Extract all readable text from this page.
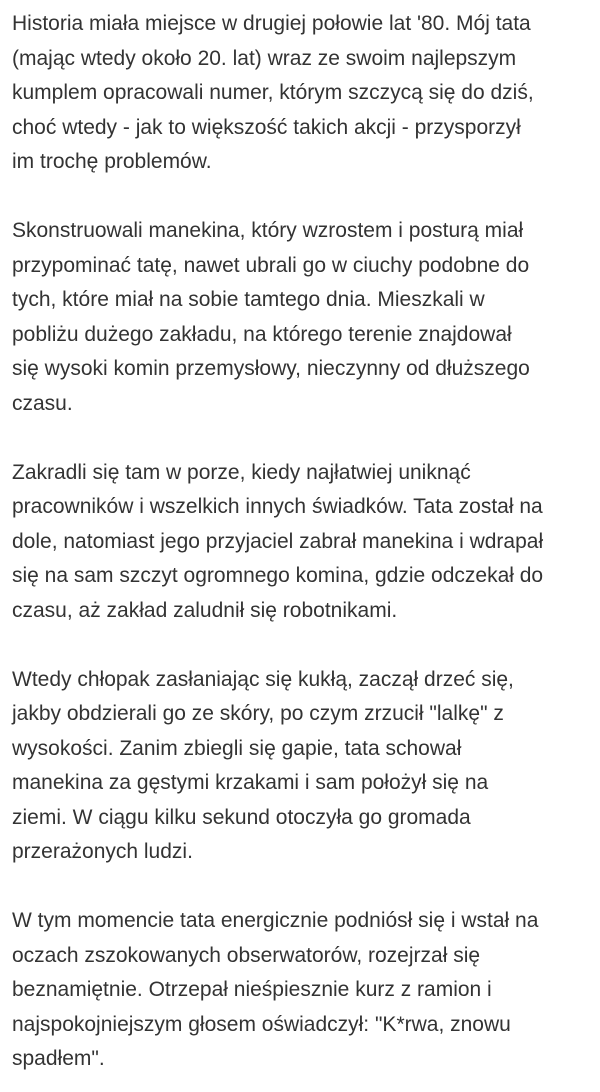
Historia miała miejsce w drugiej połowie lat '80. Mój tata
(mając wtedy około 20. lat) wraz ze swoim najlepszym
kumplem opracowali numer, którym szczycą się do dziś,
choć wtedy - jak to większość takich akcji - przysporzył
im trochę problemów.

Skonstruowali manekina, który wzrostem i posturą miał
przypominać tatę, nawet ubrali go w ciuchy podobne do
tych, które miał na sobie tamtego dnia. Mieszkali w
pobliżu dużego zakładu, na którego terenie znajdował
się wysoki komin przemysłowy, nieczynny od dłuższego
czasu.

Zakradli się tam w porze, kiedy najłatwiej uniknąć
pracowników i wszelkich innych świadków. Tata został na
dole, natomiast jego przyjaciel zabrał manekina i wdrapał
się na sam szczyt ogromnego komina, gdzie odczekał do
czasu, aż zakład zaludnił się robotnikami.

Wtedy chłopak zasłaniając się kukłą, zaczął drzeć się,
jakby obdzierali go ze skóry, po czym zrzucił "lalkę" z
wysokości. Zanim zbiegli się gapie, tata schował
manekina za gęstymi krzakami i sam położył się na
ziemi. W ciągu kilku sekund otoczyła go gromada
przerażonych ludzi.

W tym momencie tata energicznie podniósł się i wstał na
oczach zszokowanych obserwatorów, rozejrzał się
beznamiętnie. Otrzepał nieśpiesznie kurz z ramion i
najspokojniejszym głosem oświadczył: "K*rwa, znowu
spadłem".
